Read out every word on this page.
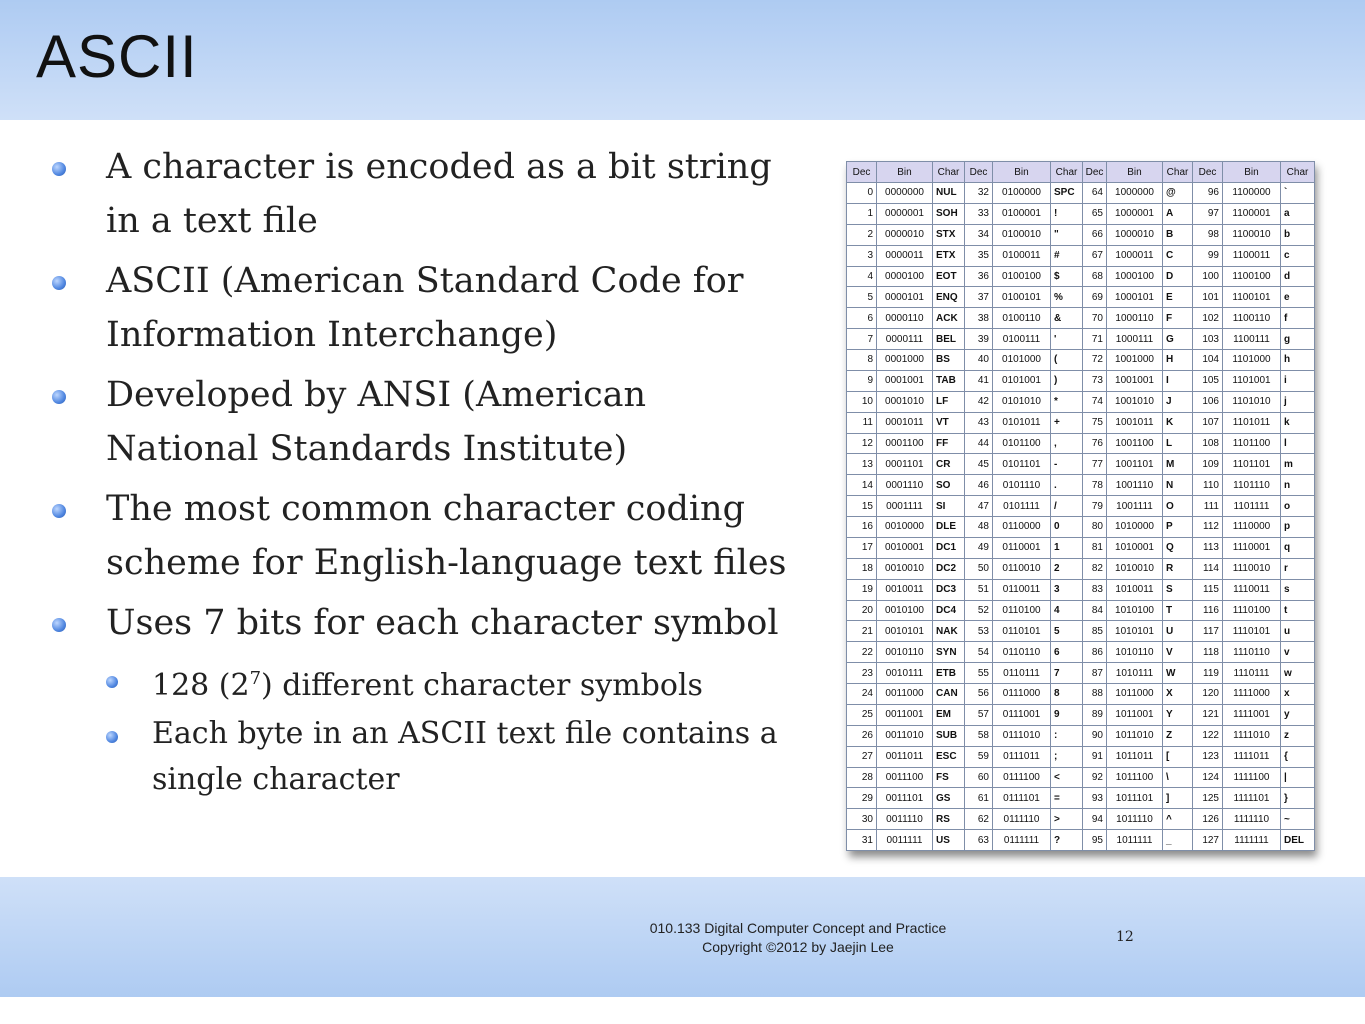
ASCII
A character is encoded as a bit string in a text file
ASCII (American Standard Code for Information Interchange)
Developed by ANSI (American National Standards Institute)
The most common character coding scheme for English-language text files
Uses 7 bits for each character symbol
128 $(2^7)$ different character symbols
Each byte in an ASCII text file contains a single character
Dec	Bin	Char	Dec	Bin	Char	Dec	Bin	Char	Dec	Bin	Char
0	0000000	NUL	32	0100000	SPC	64	1000000	@	96	1100000	`
1	0000001	SOH	33	0100001	!	65	1000001	A	97	1100001	a
2	0000010	STX	34	0100010	"	66	1000010	B	98	1100010	b
3	0000011	ETX	35	0100011	#	67	1000011	C	99	1100011	c
4	0000100	EOT	36	0100100	$	68	1000100	D	100	1100100	d
5	0000101	ENQ	37	0100101	%	69	1000101	E	101	1100101	e
6	0000110	ACK	38	0100110	&	70	1000110	F	102	1100110	f
7	0000111	BEL	39	0100111	'	71	1000111	G	103	1100111	g
8	0001000	BS	40	0101000	(	72	1001000	H	104	1101000	h
9	0001001	TAB	41	0101001	)	73	1001001	I	105	1101001	i
10	0001010	LF	42	0101010	*	74	1001010	J	106	1101010	j
11	0001011	VT	43	0101011	+	75	1001011	K	107	1101011	k
12	0001100	FF	44	0101100	,	76	1001100	L	108	1101100	l
13	0001101	CR	45	0101101	-	77	1001101	M	109	1101101	m
14	0001110	SO	46	0101110	.	78	1001110	N	110	1101110	n
15	0001111	SI	47	0101111	/	79	1001111	O	111	1101111	o
16	0010000	DLE	48	0110000	0	80	1010000	P	112	1110000	p
17	0010001	DC1	49	0110001	1	81	1010001	Q	113	1110001	q
18	0010010	DC2	50	0110010	2	82	1010010	R	114	1110010	r
19	0010011	DC3	51	0110011	3	83	1010011	S	115	1110011	s
20	0010100	DC4	52	0110100	4	84	1010100	T	116	1110100	t
21	0010101	NAK	53	0110101	5	85	1010101	U	117	1110101	u
22	0010110	SYN	54	0110110	6	86	1010110	V	118	1110110	v
23	0010111	ETB	55	0110111	7	87	1010111	W	119	1110111	w
24	0011000	CAN	56	0111000	8	88	1011000	X	120	1111000	x
25	0011001	EM	57	0111001	9	89	1011001	Y	121	1111001	y
26	0011010	SUB	58	0111010	:	90	1011010	Z	122	1111010	z
27	0011011	ESC	59	0111011	;	91	1011011	[	123	1111011	{
28	0011100	FS	60	0111100	<	92	1011100	\	124	1111100	|
29	0011101	GS	61	0111101	=	93	1011101	]	125	1111101	}
30	0011110	RS	62	0111110	>	94	1011110	^	126	1111110	~
31	0011111	US	63	0111111	?	95	1011111	_	127	1111111	DEL
010.133 Digital Computer Concept and Practice
Copyright ©2012 by Jaejin Lee
12
